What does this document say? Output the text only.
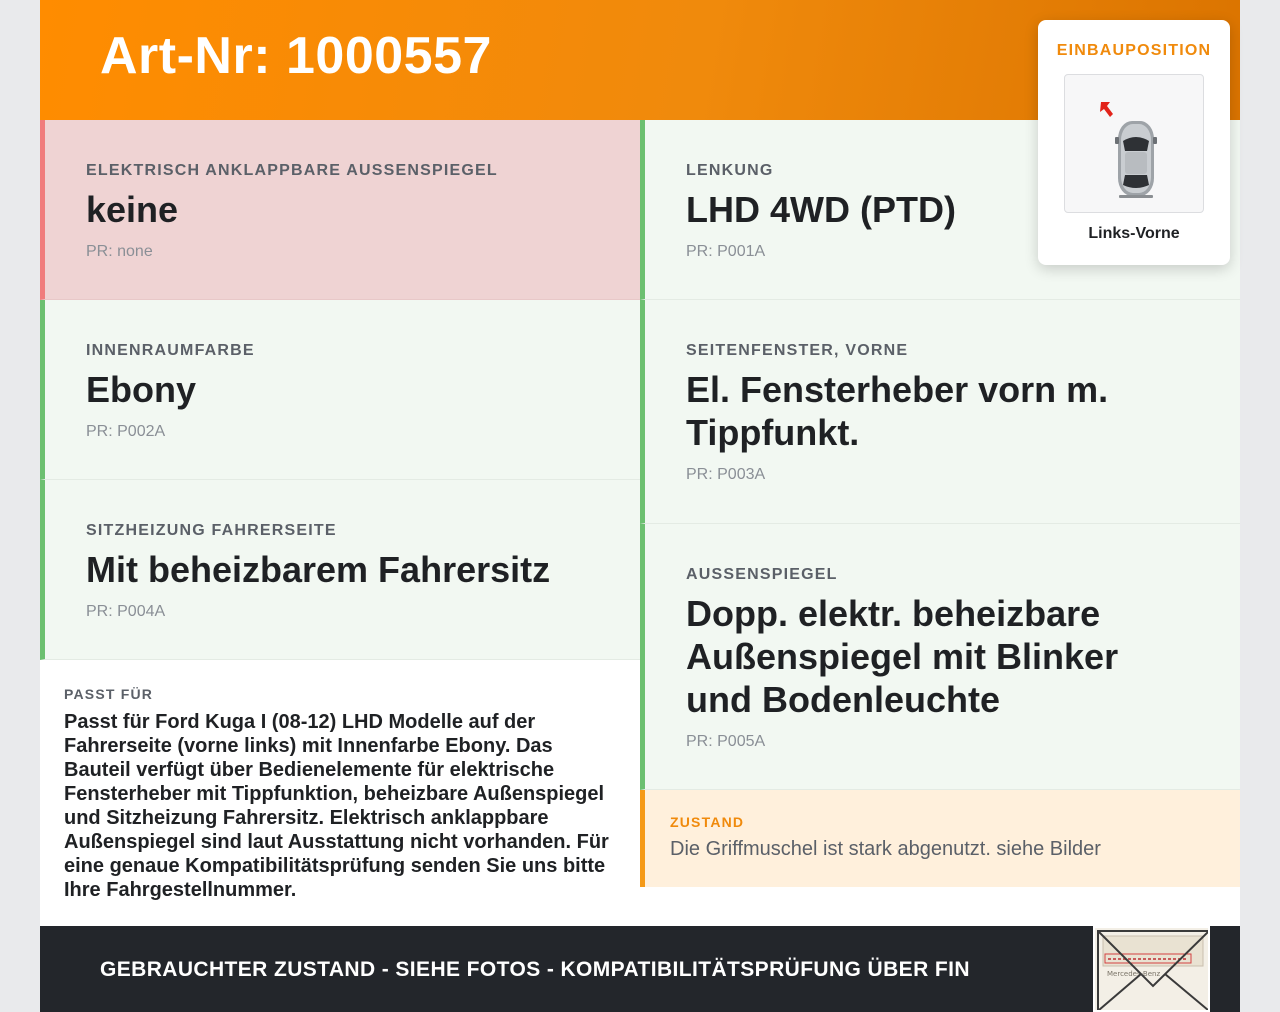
Art-Nr: 1000557	EINBAUPOSITION
Links-Vorne
ELEKTRISCH ANKLAPPBARE AUSSENSPIEGEL
keine
PR: none
INNENRAUMFARBE
Ebony
PR: P002A
SITZHEIZUNG FAHRERSEITE
Mit beheizbarem Fahrersitz
PR: P004A
LENKUNG
LHD 4WD (PTD)
PR: P001A
SEITENFENSTER, VORNE
El. Fensterheber vorn m. Tippfunkt.
PR: P003A
AUSSENSPIEGEL
Dopp. elektr. beheizbare Außenspiegel mit Blinker und Bodenleuchte
PR: P005A
PASST FÜR
Passt für Ford Kuga I (08-12) LHD Modelle auf der Fahrerseite (vorne links) mit Innenfarbe Ebony. Das Bauteil verfügt über Bedienelemente für elektrische Fensterheber mit Tippfunktion, beheizbare Außenspiegel und Sitzheizung Fahrersitz. Elektrisch anklappbare Außenspiegel sind laut Ausstattung nicht vorhanden. Für eine genaue Kompatibilitätsprüfung senden Sie uns bitte Ihre Fahrgestellnummer.
ZUSTAND
Die Griffmuschel ist stark abgenutzt. siehe Bilder
GEBRAUCHTER ZUSTAND - SIEHE FOTOS - KOMPATIBILITÄTSPRÜFUNG ÜBER FIN	Mercedes-Benz
